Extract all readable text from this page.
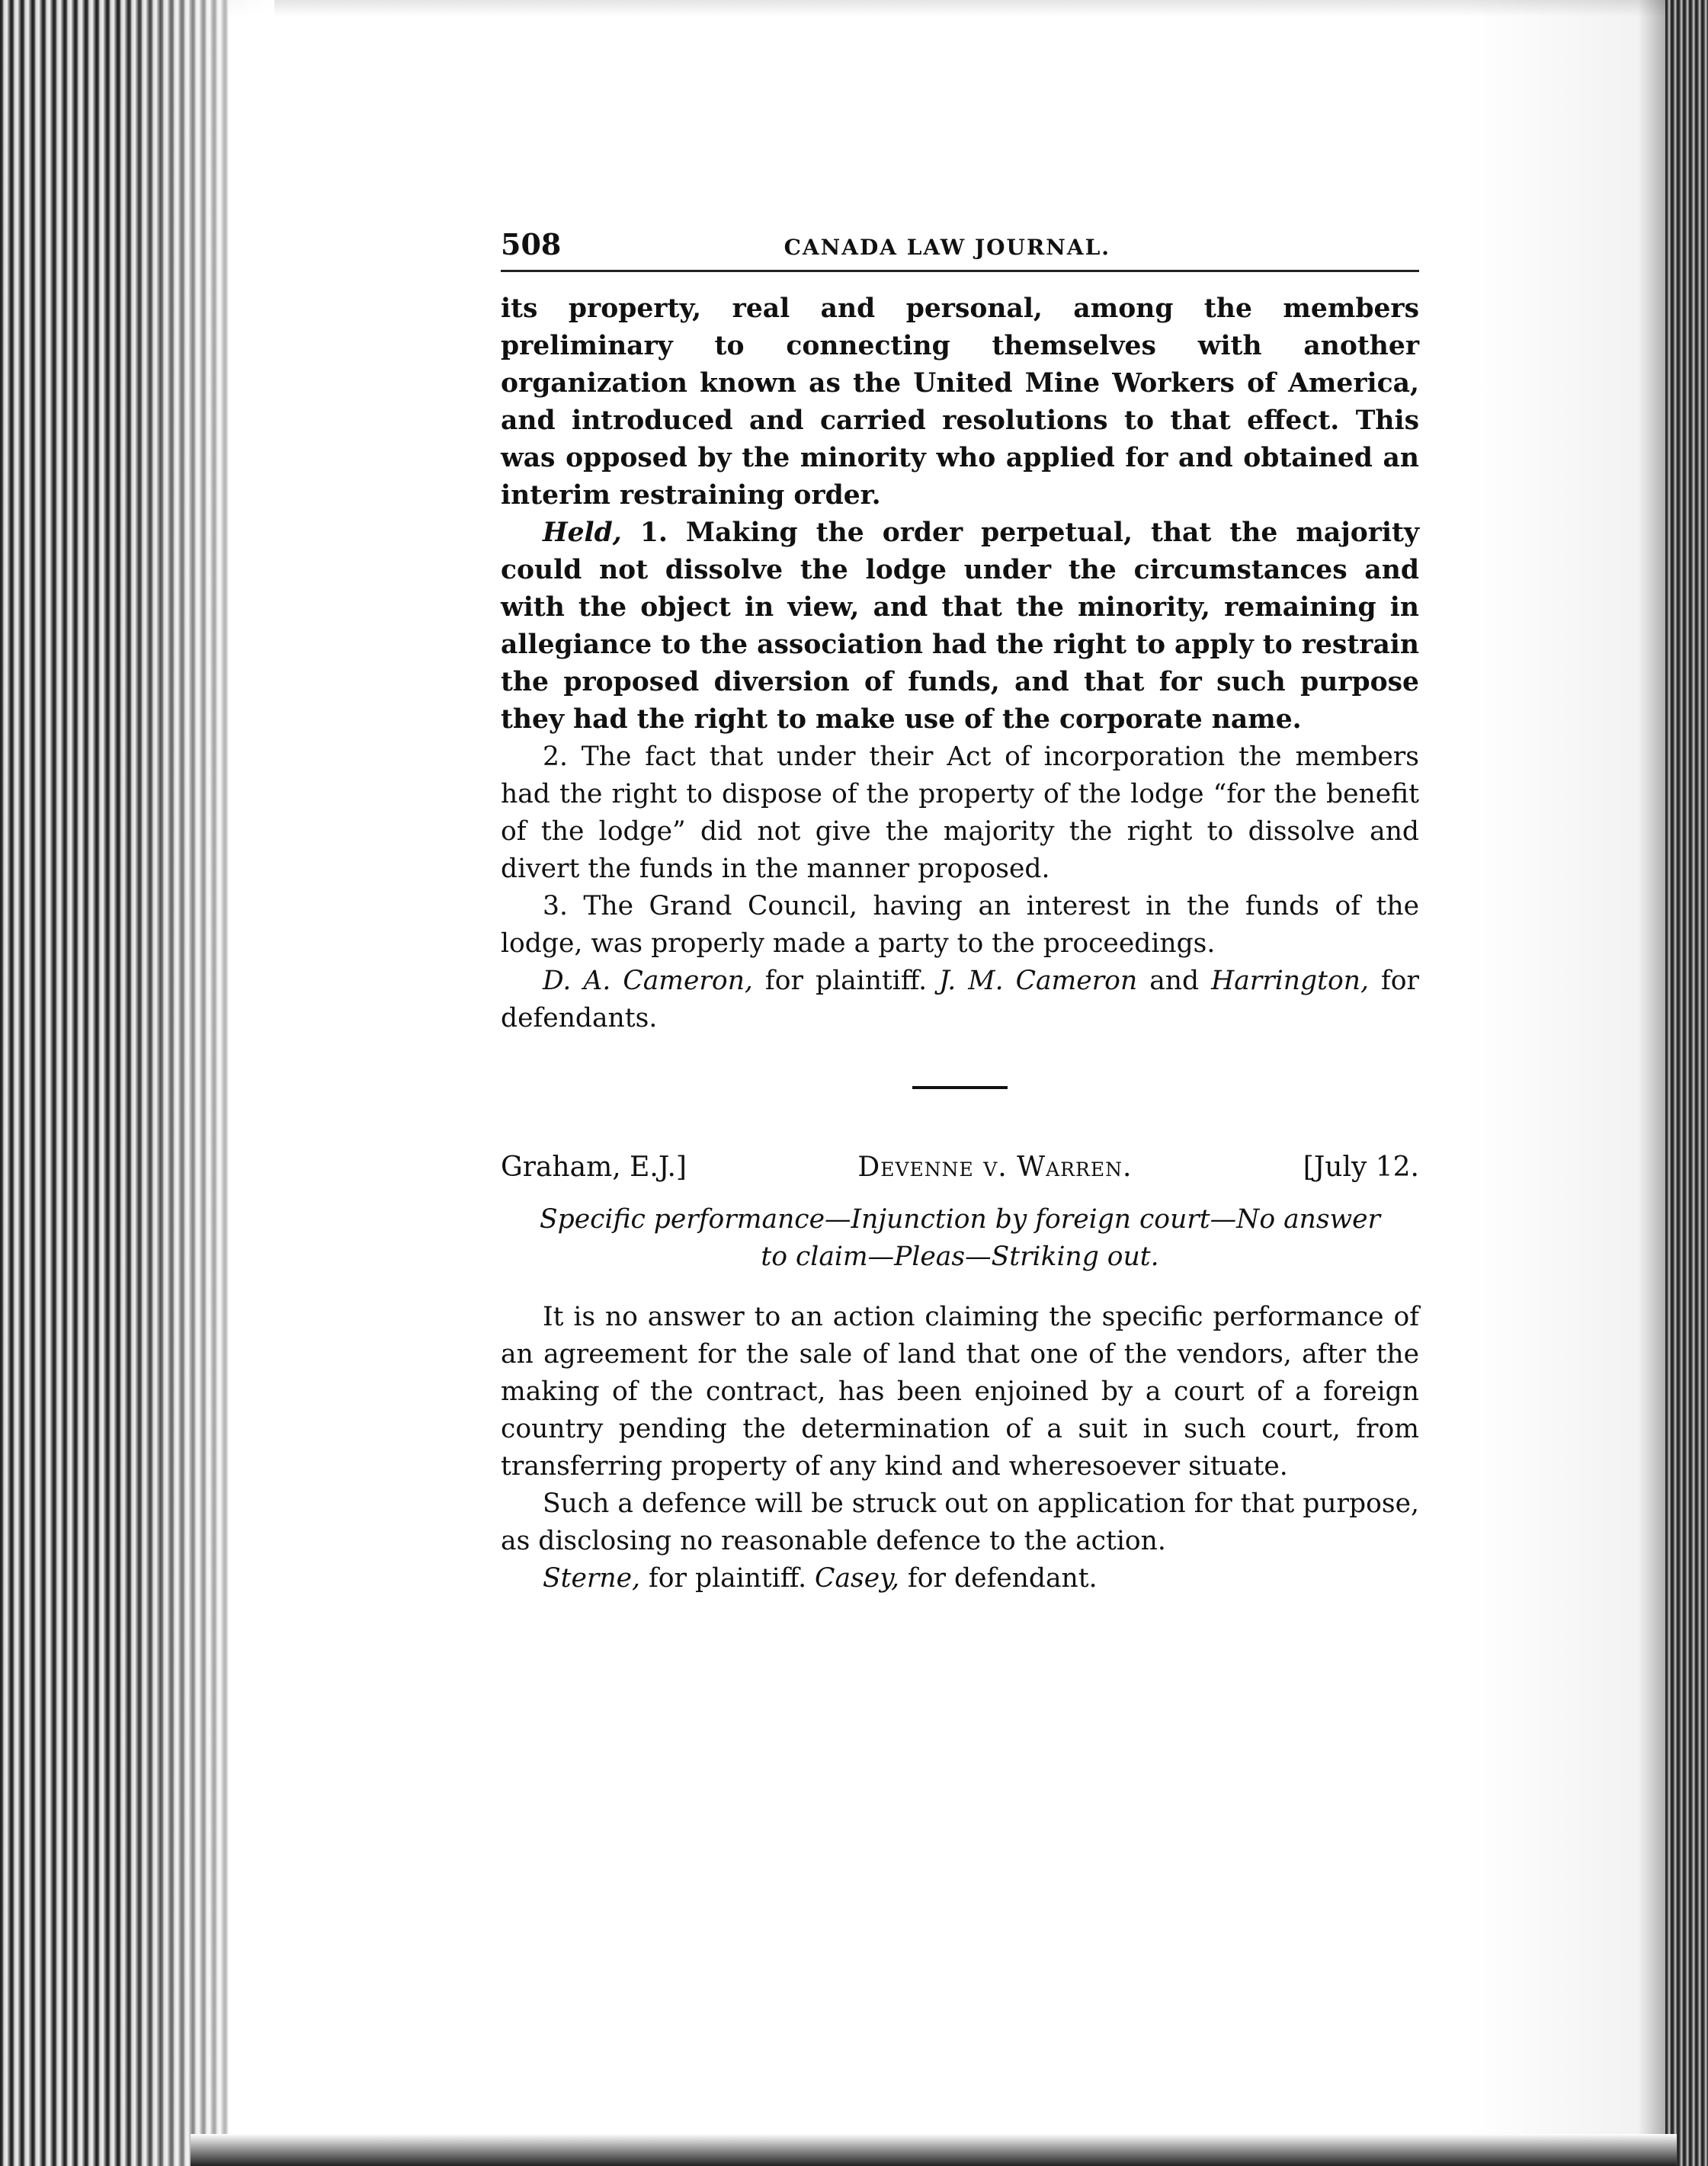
508	CANADA LAW JOURNAL.

its property, real and personal, among the members preliminary to connecting themselves with another organization known as the United Mine Workers of America, and introduced and carried resolutions to that effect. This was opposed by the minority who applied for and obtained an interim restraining order.

Held, 1. Making the order perpetual, that the majority could not dissolve the lodge under the circumstances and with the object in view, and that the minority, remaining in allegiance to the association had the right to apply to restrain the proposed diversion of funds, and that for such purpose they had the right to make use of the corporate name.

2. The fact that under their Act of incorporation the members had the right to dispose of the property of the lodge “for the benefit of the lodge” did not give the majority the right to dissolve and divert the funds in the manner proposed.

3. The Grand Council, having an interest in the funds of the lodge, was properly made a party to the proceedings.

D. A. Cameron, for plaintiff. J. M. Cameron and Harrington, for defendants.

Graham, E.J.]	Devenne v. Warren.	[July 12.
Specific performance—Injunction by foreign court—No answer
to claim—Pleas—Striking out.

It is no answer to an action claiming the specific performance of an agreement for the sale of land that one of the vendors, after the making of the contract, has been enjoined by a court of a foreign country pending the determination of a suit in such court, from transferring property of any kind and wheresoever situate.

Such a defence will be struck out on application for that purpose, as disclosing no reasonable defence to the action.

Sterne, for plaintiff. Casey, for defendant.
